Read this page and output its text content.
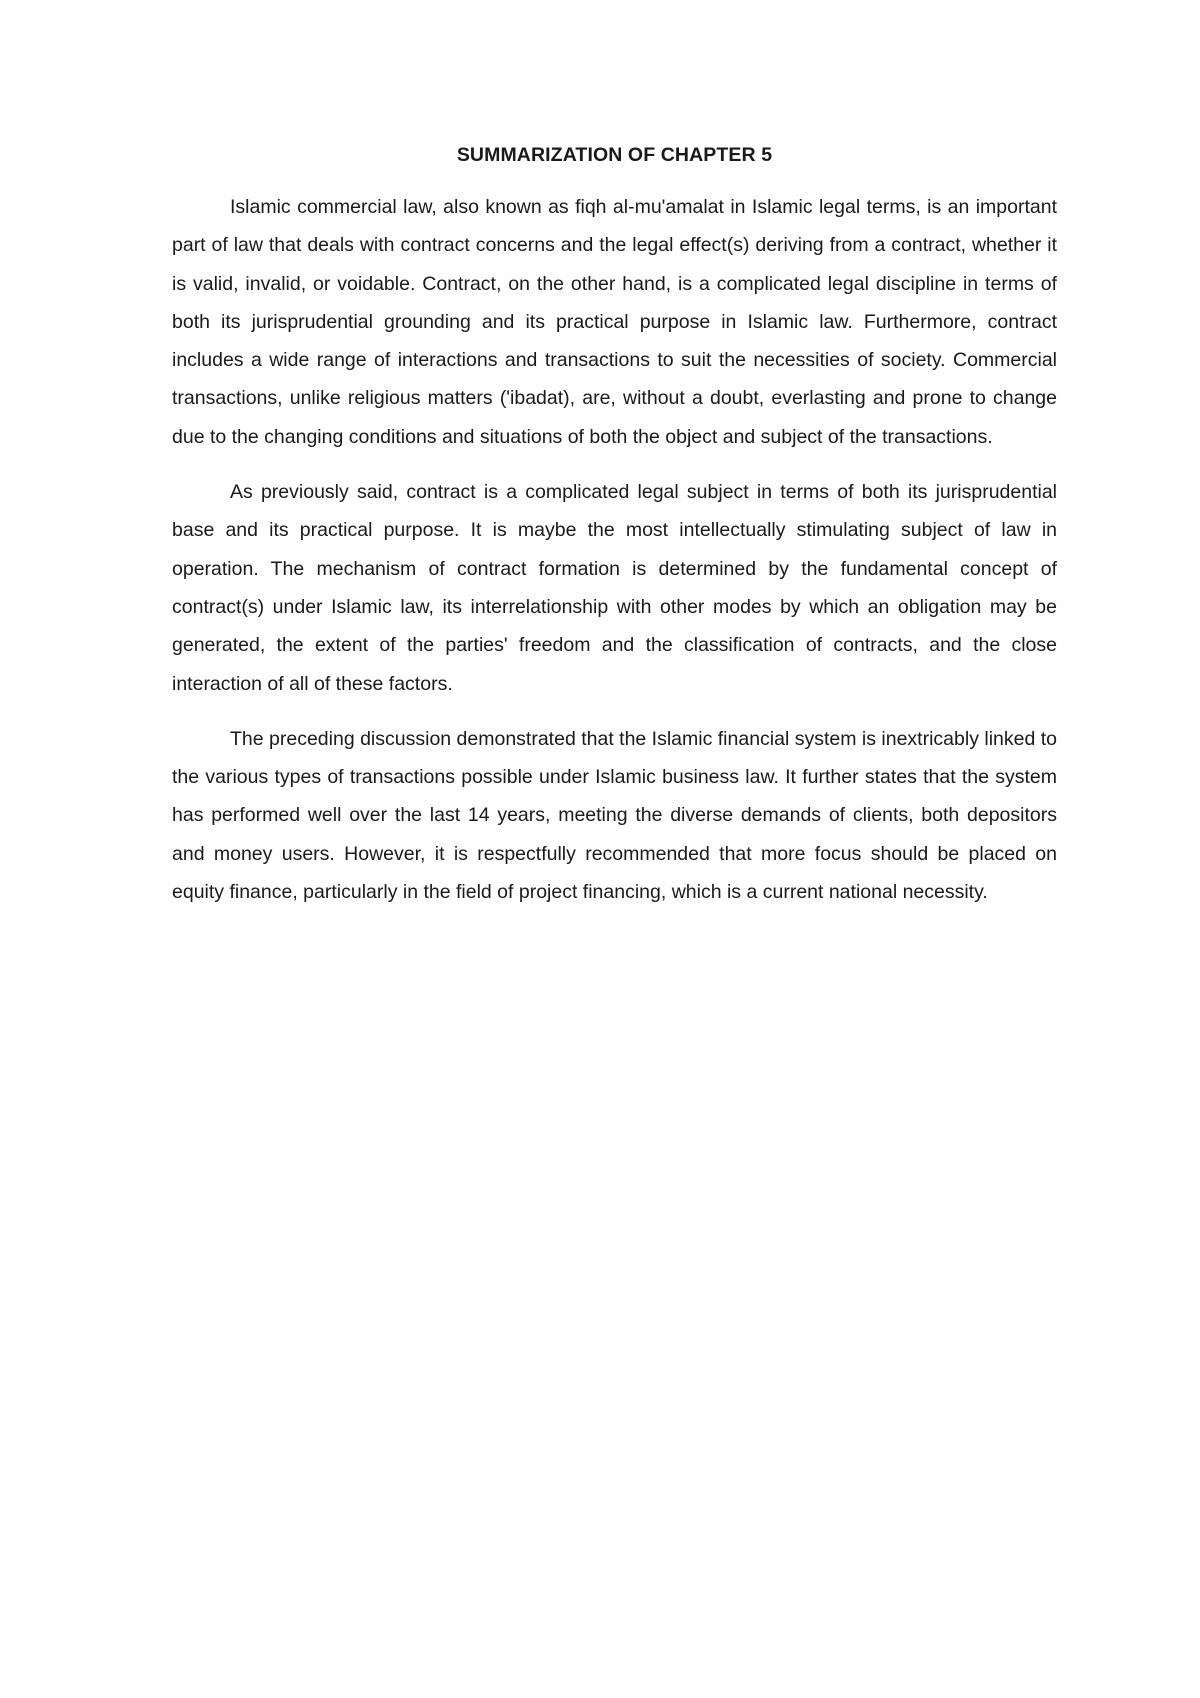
SUMMARIZATION OF CHAPTER 5

Islamic commercial law, also known as fiqh al-mu'amalat in Islamic legal terms, is an important part of law that deals with contract concerns and the legal effect(s) deriving from a contract, whether it is valid, invalid, or voidable. Contract, on the other hand, is a complicated legal discipline in terms of both its jurisprudential grounding and its practical purpose in Islamic law. Furthermore, contract includes a wide range of interactions and transactions to suit the necessities of society. Commercial transactions, unlike religious matters ('ibadat), are, without a doubt, everlasting and prone to change due to the changing conditions and situations of both the object and subject of the transactions.

As previously said, contract is a complicated legal subject in terms of both its jurisprudential base and its practical purpose. It is maybe the most intellectually stimulating subject of law in operation. The mechanism of contract formation is determined by the fundamental concept of contract(s) under Islamic law, its interrelationship with other modes by which an obligation may be generated, the extent of the parties' freedom and the classification of contracts, and the close interaction of all of these factors.

The preceding discussion demonstrated that the Islamic financial system is inextricably linked to the various types of transactions possible under Islamic business law. It further states that the system has performed well over the last 14 years, meeting the diverse demands of clients, both depositors and money users. However, it is respectfully recommended that more focus should be placed on equity finance, particularly in the field of project financing, which is a current national necessity.
